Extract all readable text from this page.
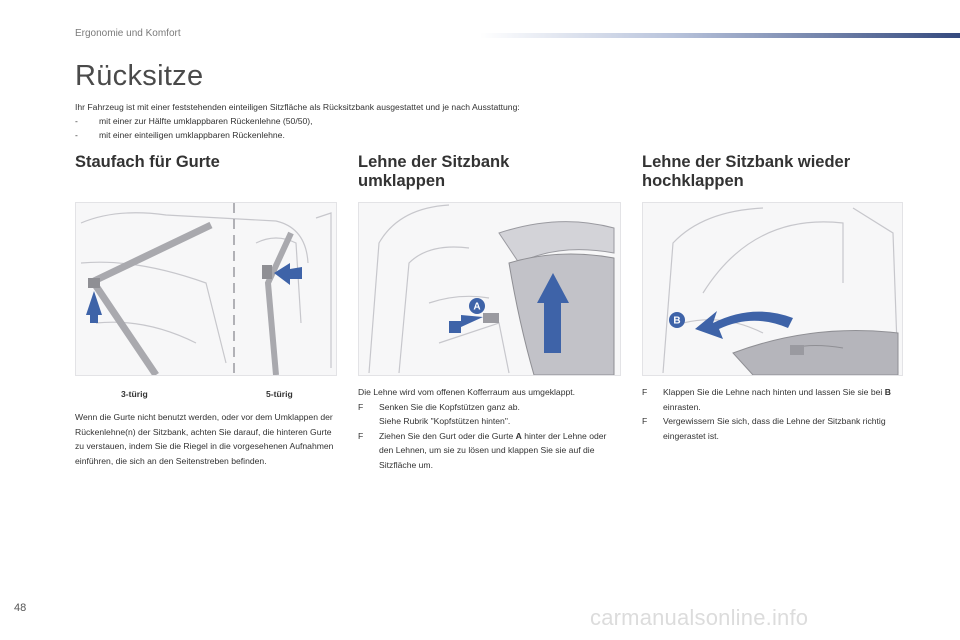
Ergonomie und Komfort
Rücksitze
Ihr Fahrzeug ist mit einer feststehenden einteiligen Sitzfläche als Rücksitzbank ausgestattet und je nach Ausstattung:
-	mit einer zur Hälfte umklappbaren Rückenlehne (50/50),
-	mit einer einteiligen umklappbaren Rückenlehne.
Staufach für Gurte
3-türig	5-türig
Wenn die Gurte nicht benutzt werden, oder vor dem Umklappen der Rückenlehne(n) der Sitzbank, achten Sie darauf, die hinteren Gurte zu verstauen, indem Sie die Riegel in die vorgesehenen Aufnahmen einführen, die sich an den Seitenstreben befinden.
Lehne der Sitzbank
umklappen
A
Die Lehne wird vom offenen Kofferraum aus umgeklappt.
F	Senken Sie die Kopfstützen ganz ab.
Siehe Rubrik "Kopfstützen hinten".
F	Ziehen Sie den Gurt oder die Gurte A hinter der Lehne oder den Lehnen, um sie zu lösen und klappen Sie sie auf die Sitzfläche um.
Lehne der Sitzbank wieder
hochklappen
B
F	Klappen Sie die Lehne nach hinten und lassen Sie sie bei B einrasten.
F	Vergewissern Sie sich, dass die Lehne der Sitzbank richtig eingerastet ist.
48	carmanualsonline.info
